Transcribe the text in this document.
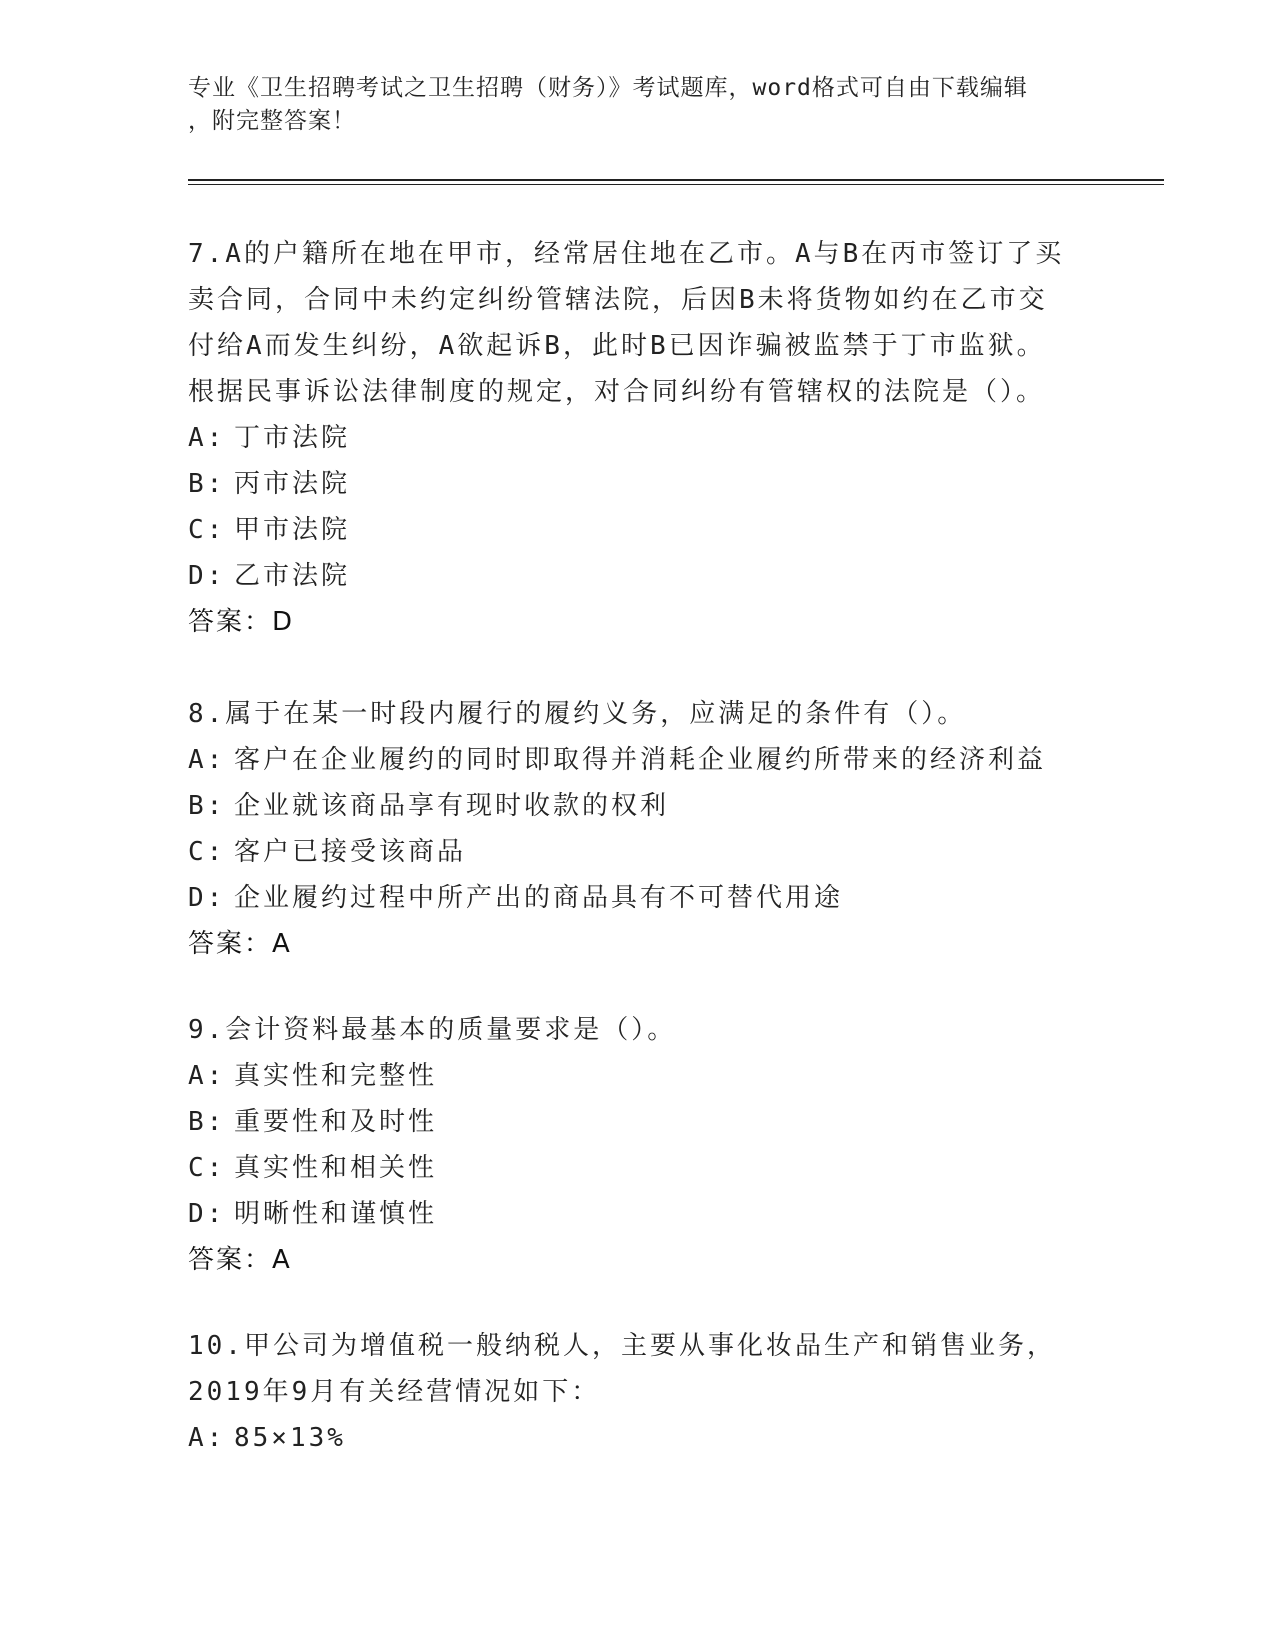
专业《卫生招聘考试之卫生招聘（财务）》考试题库，word格式可自由下载编辑
，附完整答案！
7.A的户籍所在地在甲市，经常居住地在乙市。A与B在丙市签订了买
卖合同，合同中未约定纠纷管辖法院，后因B未将货物如约在乙市交
付给A而发生纠纷，A欲起诉B，此时B已因诈骗被监禁于丁市监狱。
根据民事诉讼法律制度的规定，对合同纠纷有管辖权的法院是（）。
A: 丁市法院
B: 丙市法院
C: 甲市法院
D: 乙市法院
答案：D
8.属于在某一时段内履行的履约义务，应满足的条件有（）。
A: 客户在企业履约的同时即取得并消耗企业履约所带来的经济利益
B: 企业就该商品享有现时收款的权利
C: 客户已接受该商品
D: 企业履约过程中所产出的商品具有不可替代用途
答案：A
9.会计资料最基本的质量要求是（）。
A: 真实性和完整性
B: 重要性和及时性
C: 真实性和相关性
D: 明晰性和谨慎性
答案：A
10.甲公司为增值税一般纳税人，主要从事化妆品生产和销售业务，
2019年9月有关经营情况如下：
A: 85×13%
